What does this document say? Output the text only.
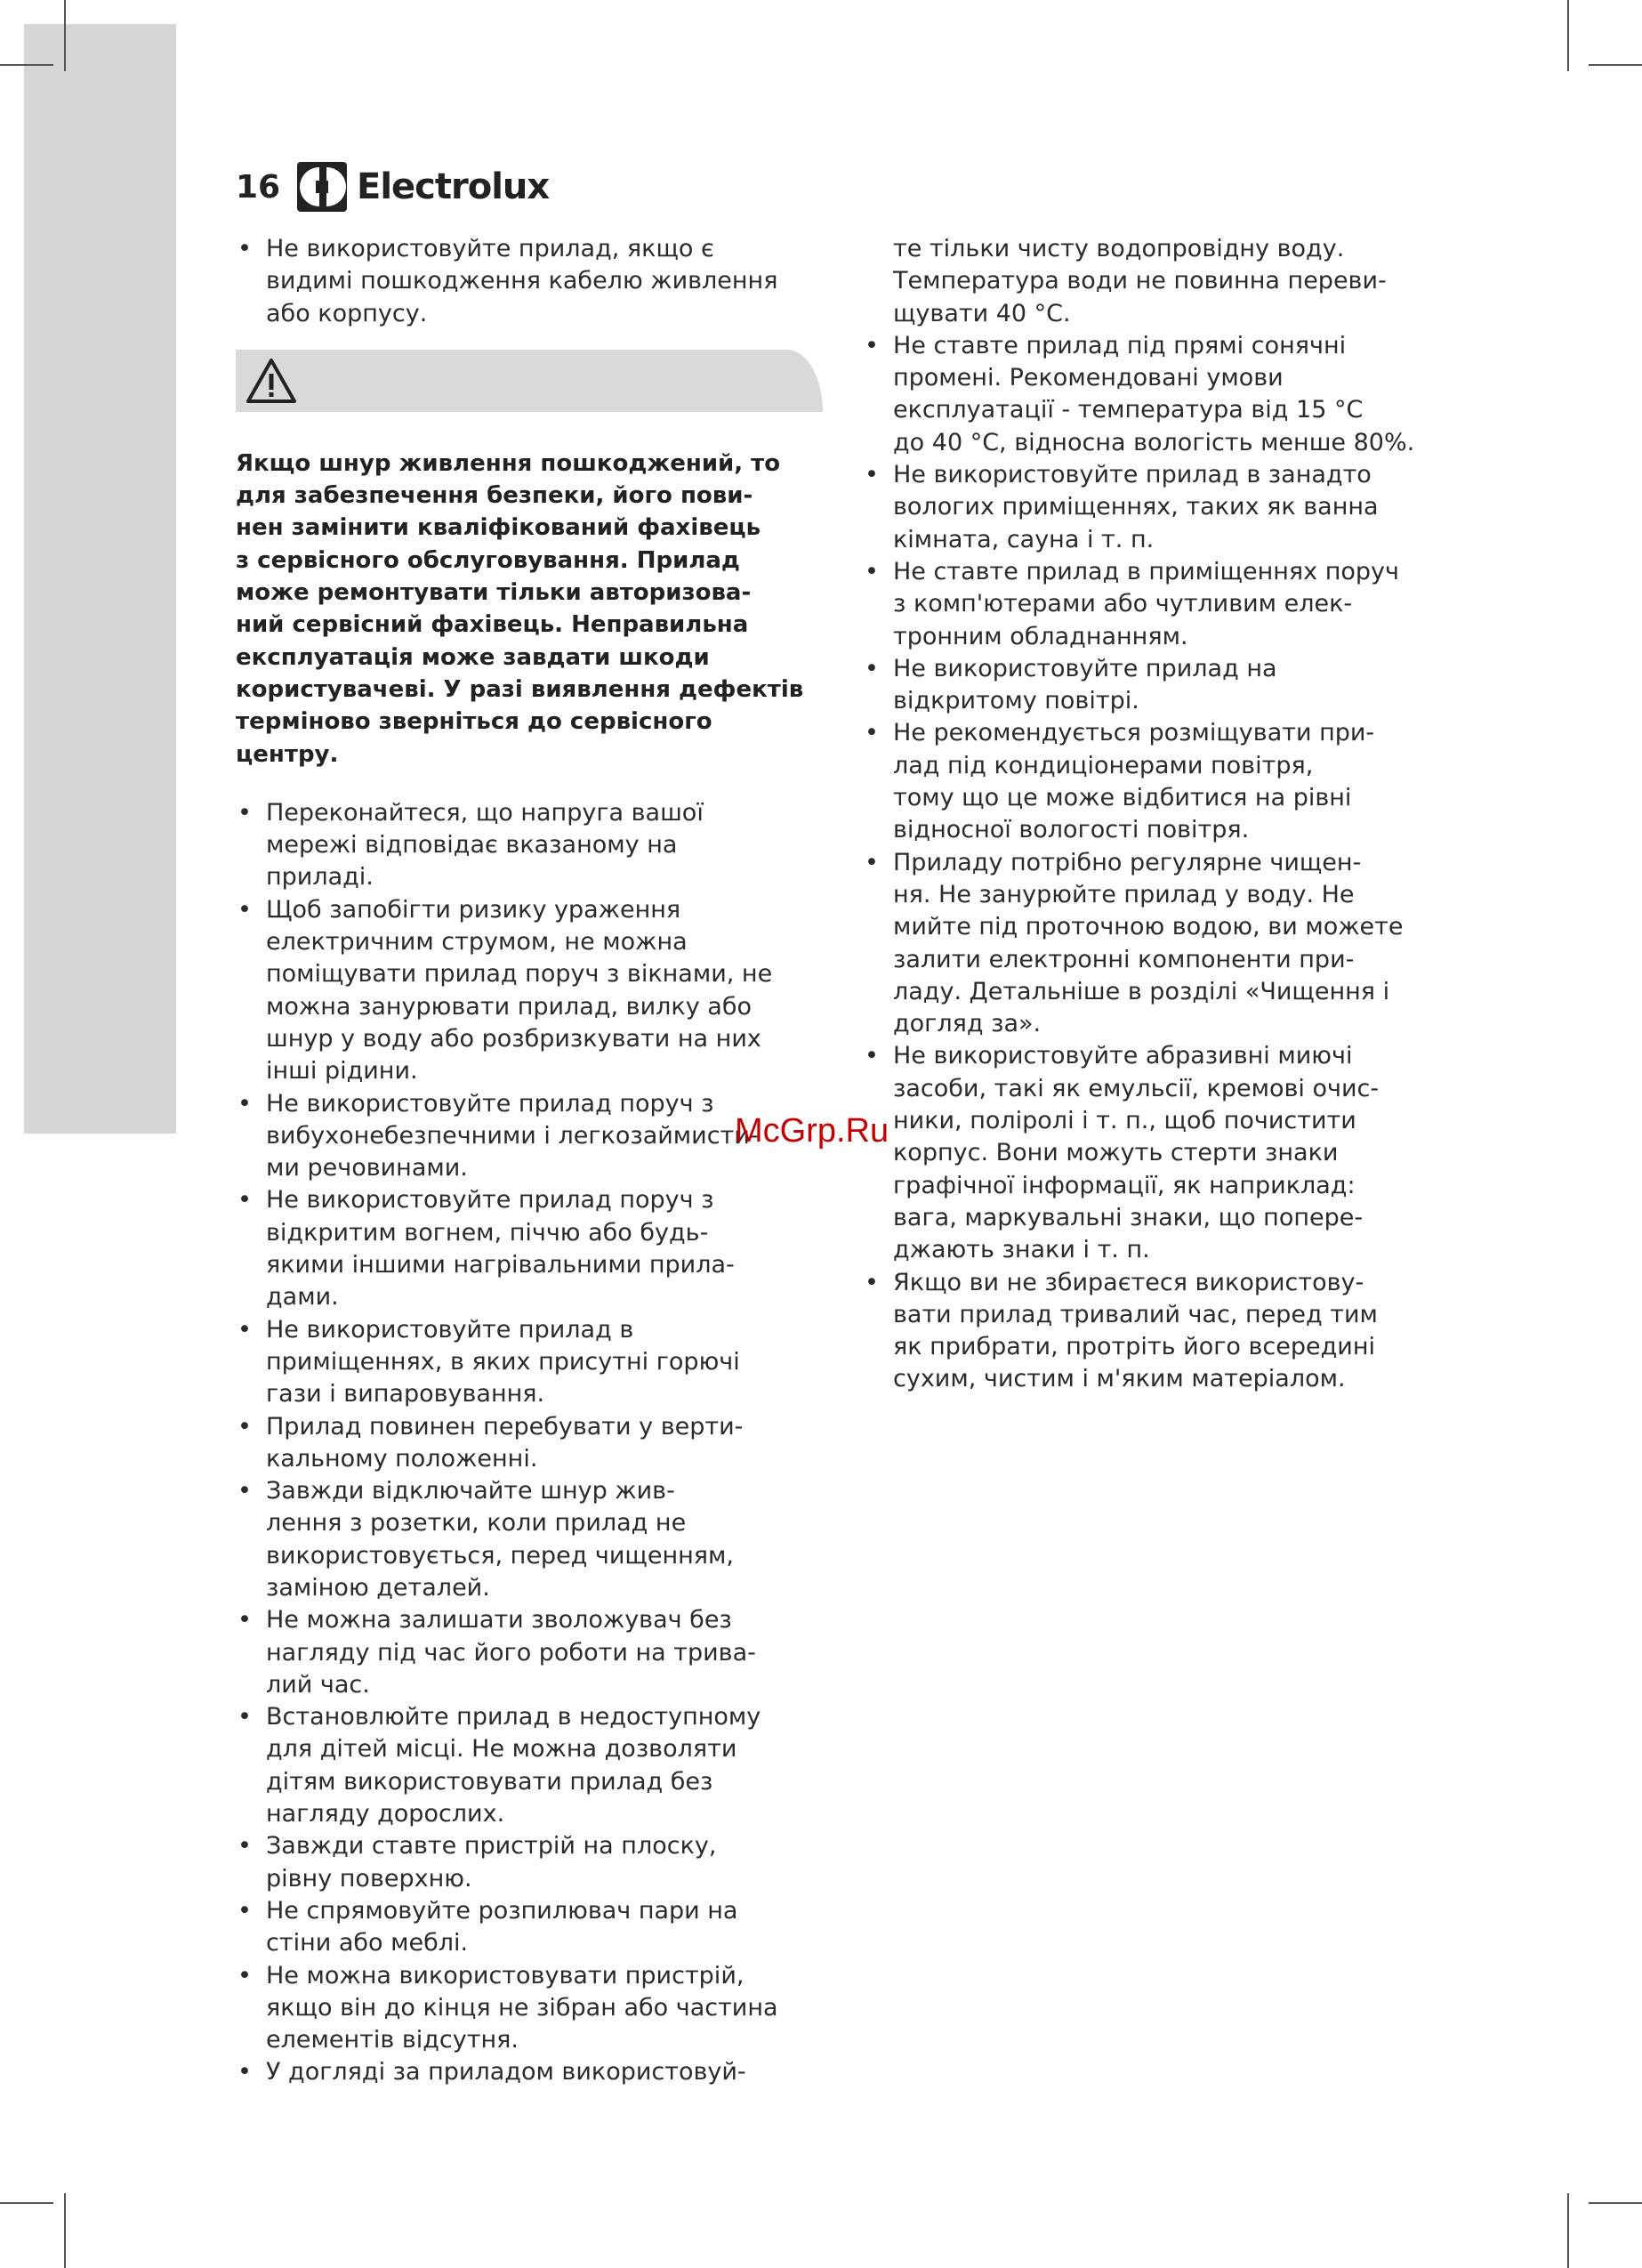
16	Electrolux
• Не використовуйте прилад, якщо є
видимі пошкодження кабелю живлення
або корпусу.
Якщо шнур живлення пошкоджений, то
для забезпечення безпеки, його пови-
нен замінити кваліфікований фахівець
з сервісного обслуговування. Прилад
може ремонтувати тільки авторизова-
ний сервісний фахівець. Неправильна
експлуатація може завдати шкоди
користувачеві. У разі виявлення дефектів
терміново зверніться до сервісного центру.
• Переконайтеся, що напруга вашої
мережі відповідає вказаному на
приладі.
• Щоб запобігти ризику ураження
електричним струмом, не можна
поміщувати прилад поруч з вікнами, не
можна занурювати прилад, вилку або
шнур у воду або розбризкувати на них
інші рідини.
• Не використовуйте прилад поруч з
вибухонебезпечними і легкозаймисти-
ми речовинами.
• Не використовуйте прилад поруч з
відкритим вогнем, піччю або будь-
якими іншими нагрівальними прила-
дами.
• Не використовуйте прилад в
приміщеннях, в яких присутні горючі
гази і випаровування.
• Прилад повинен перебувати у верти-
кальному положенні.
• Завжди відключайте шнур жив-
лення з розетки, коли прилад не
використовується, перед чищенням,
заміною деталей.
• Не можна залишати зволожувач без
нагляду під час його роботи на трива-
лий час.
• Встановлюйте прилад в недоступному
для дітей місці. Не можна дозволяти
дітям використовувати прилад без
нагляду дорослих.
• Завжди ставте пристрій на плоску,
рівну поверхню.
• Не спрямовуйте розпилювач пари на
стіни або меблі.
• Не можна використовувати пристрій,
якщо він до кінця не зібран або частина
елементів відсутня.
• У догляді за приладом використовуй-
те тільки чисту водопровідну воду.
Температура води не повинна переви-
щувати 40 °С.
• Не ставте прилад під прямі сонячні
промені. Рекомендовані умови
експлуатації - температура від 15 °C
до 40 °C, відносна вологість менше 80%.
• Не використовуйте прилад в занадто
вологих приміщеннях, таких як ванна
кімната, сауна і т. п.
• Не ставте прилад в приміщеннях поруч
з комп'ютерами або чутливим елек-
тронним обладнанням.
• Не використовуйте прилад на
відкритому повітрі.
• Не рекомендується розміщувати при-
лад під кондиціонерами повітря,
тому що це може відбитися на рівні
відносної вологості повітря.
• Приладу потрібно регулярне чищен-
ня. Не занурюйте прилад у воду. Не
мийте під проточною водою, ви можете
залити електронні компоненти при-
ладу. Детальніше в розділі «Чищення і
догляд за».
• Не використовуйте абразивні миючі
засоби, такі як емульсії, кремові очис-
ники, поліролі і т. п., щоб почистити
корпус. Вони можуть стерти знаки
графічної інформації, як наприклад:
вага, маркувальні знаки, що попере-
джають знаки і т. п.
• Якщо ви не збираєтеся використову-
вати прилад тривалий час, перед тим
як прибрати, протріть його всередині
сухим, чистим і м'яким матеріалом.
McGrp.Ru
